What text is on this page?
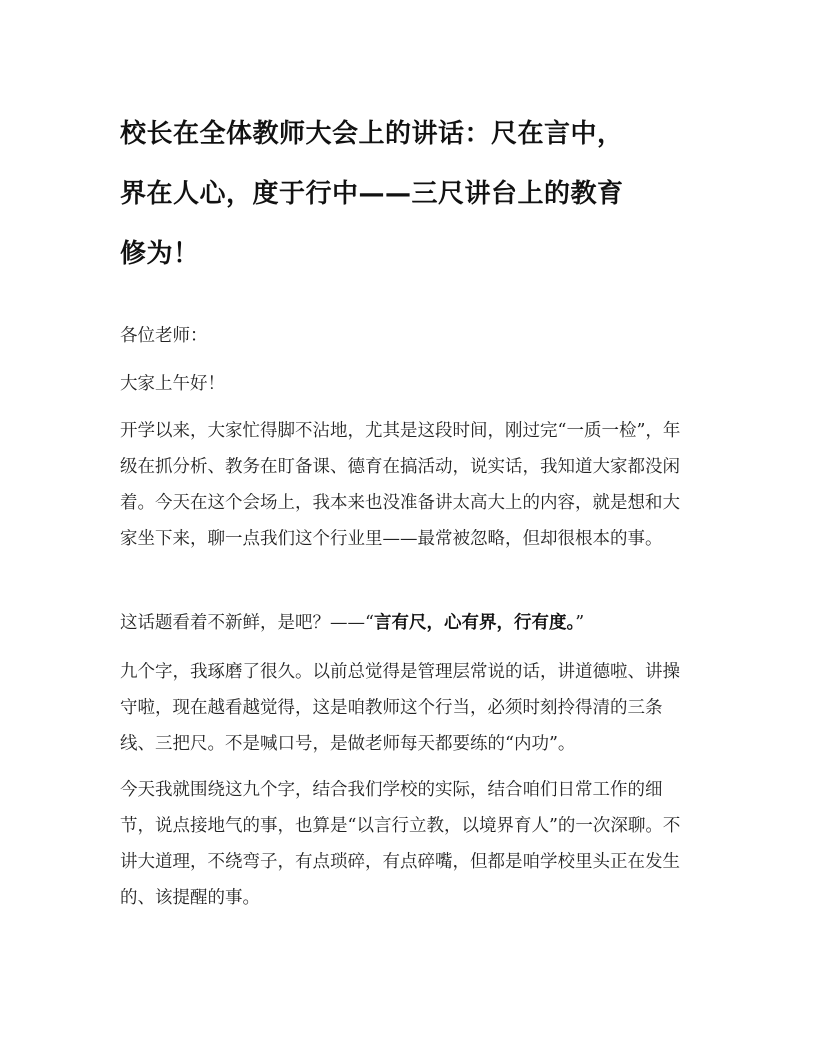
校长在全体教师大会上的讲话：尺在言中，
界在人心，度于行中——三尺讲台上的教育
修为！

各位老师：

大家上午好！

开学以来，大家忙得脚不沾地，尤其是这段时间，刚过完“一质一检”，年级在抓分析、教务在盯备课、德育在搞活动，说实话，我知道大家都没闲着。今天在这个会场上，我本来也没准备讲太高大上的内容，就是想和大家坐下来，聊一点我们这个行业里——最常被忽略，但却很根本的事。

这话题看着不新鲜，是吧？——“言有尺，心有界，行有度。”

九个字，我琢磨了很久。以前总觉得是管理层常说的话，讲道德啦、讲操守啦，现在越看越觉得，这是咱教师这个行当，必须时刻拎得清的三条线、三把尺。不是喊口号，是做老师每天都要练的“内功”。

今天我就围绕这九个字，结合我们学校的实际，结合咱们日常工作的细节，说点接地气的事，也算是“以言行立教，以境界育人”的一次深聊。不讲大道理，不绕弯子，有点琐碎，有点碎嘴，但都是咱学校里头正在发生的、该提醒的事。
